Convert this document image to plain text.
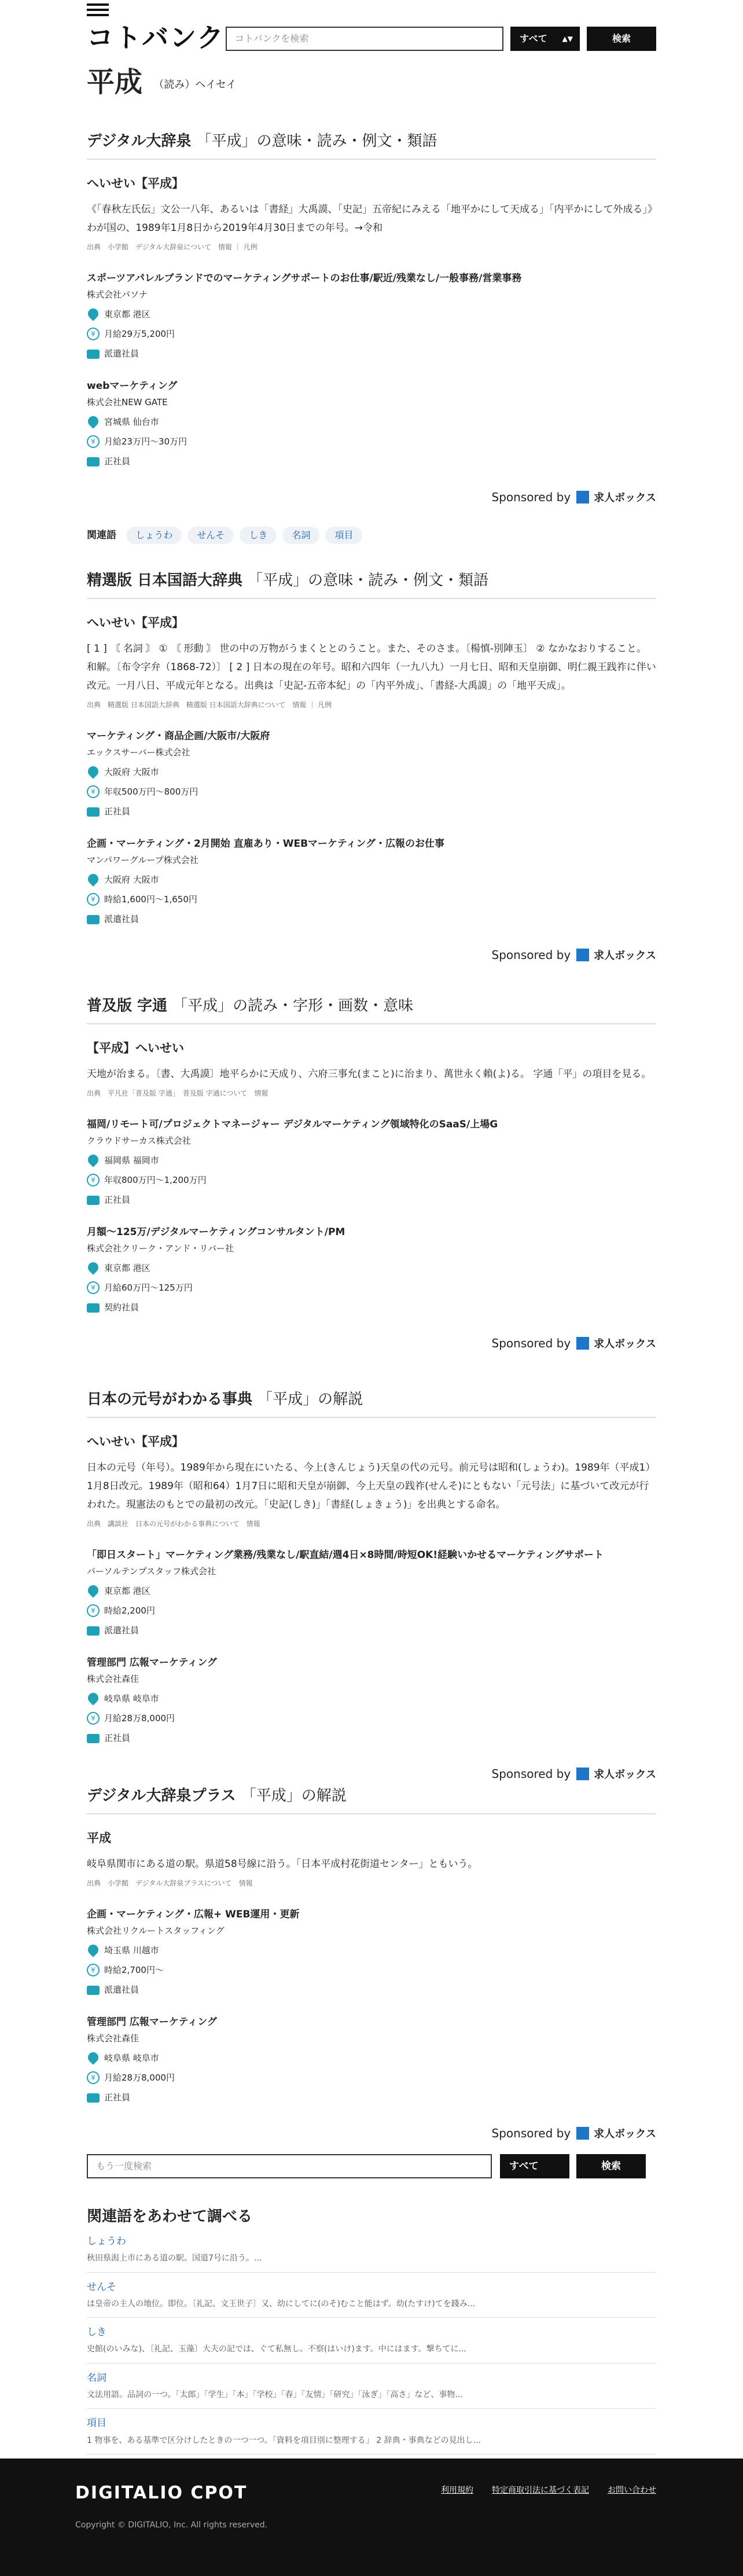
コトバンク	コトバンクを検索	すべて ▲▼	検索
平成 （読み）ヘイセイ
デジタル大辞泉 「平成」の意味・読み・例文・類語
へいせい【平成】
《「春秋左氏伝」文公一八年、あるいは「書経」大禹謨、「史記」五帝紀にみえる「地平かにして天成る」「内平かにして外成る」》わが国の、1989年1月8日から2019年4月30日までの年号。→令和
出典　小学館　デジタル大辞泉について　情報 ｜ 凡例
スポーツアパレルブランドでのマーケティングサポートのお仕事/駅近/残業なし/一般事務/営業事務
株式会社パソナ
東京都 港区
¥	月給29万5,200円
派遣社員
webマーケティング
株式会社NEW GATE
宮城県 仙台市
¥	月給23万円〜30万円
正社員
Sponsored by 求人ボックス
精選版 日本国語大辞典 「平成」の意味・読み・例文・類語
へいせい【平成】
[ 1 ] 〘 名詞 〙 ① 〘 形動 〙 世の中の万物がうまくととのうこと。また、そのさま。〔楊慎-別陣玉〕 ② なかなおりすること。和解。〔布令字弁（1868‐72）〕 [ 2 ] 日本の現在の年号。昭和六四年（一九八九）一月七日、昭和天皇崩御、明仁親王践祚に伴い改元。一月八日、平成元年となる。出典は「史記-五帝本紀」の「内平外成」、「書経-大禹謨」の「地平天成」。
出典　精選版 日本国語大辞典　精選版 日本国語大辞典について　情報 ｜ 凡例
マーケティング・商品企画/大阪市/大阪府
エックスサーバー株式会社
大阪府 大阪市
¥	年収500万円〜800万円
正社員
企画・マーケティング・2月開始 直雇あり・WEBマーケティング・広報のお仕事
マンパワーグループ株式会社
大阪府 大阪市
¥	時給1,600円〜1,650円
派遣社員
Sponsored by 求人ボックス
普及版 字通 「平成」の読み・字形・画数・意味
【平成】へいせい
天地が治まる。〔書、大禹謨〕地平らかに天成り、六府三事允(まこと)に治まり、萬世永く賴(よ)る。 字通「平」の項目を見る。
出典　平凡社「普及版 字通」　普及版 字通について　情報
福岡/リモート可/プロジェクトマネージャー デジタルマーケティング領域特化のSaaS/上場G
クラウドサーカス株式会社
福岡県 福岡市
¥	年収800万円〜1,200万円
正社員
月額〜125万/デジタルマーケティングコンサルタント/PM
株式会社クリーク・アンド・リバー社
東京都 港区
¥	月給60万円〜125万円
契約社員
Sponsored by 求人ボックス
日本の元号がわかる事典 「平成」の解説
へいせい【平成】
日本の元号（年号）。1989年から現在にいたる、今上(きんじょう)天皇の代の元号。前元号は昭和(しょうわ)。1989年（平成1）1月8日改元。1989年（昭和64）1月7日に昭和天皇が崩御、今上天皇の践祚(せんそ)にともない「元号法」に基づいて改元が行われた。現憲法のもとでの最初の改元。「史記(しき)」「書経(しょきょう)」を出典とする命名。
出典　講談社　日本の元号がわかる事典について　情報
「即日スタート」マーケティング業務/残業なし/駅直結/週4日×8時間/時短OK!経験いかせるマーケティングサポート
パーソルテンプスタッフ株式会社
東京都 港区
¥	時給2,200円
派遣社員
管理部門 広報マーケティング
株式会社森佳
岐阜県 岐阜市
¥	月給28万8,000円
正社員
Sponsored by 求人ボックス
デジタル大辞泉プラス 「平成」の解説
平成
岐阜県関市にある道の駅。県道58号線に沿う。「日本平成村花街道センター」ともいう。
出典　小学館　デジタル大辞泉プラスについて　情報
企画・マーケティング・広報+ WEB運用・更新
株式会社リクルートスタッフィング
埼玉県 川越市
¥	時給2,700円〜
派遣社員
管理部門 広報マーケティング
株式会社森佳
岐阜県 岐阜市
¥	月給28万8,000円
正社員
Sponsored by 求人ボックス
関連語 しょうわ	せんそ	しき	名詞	項目
もう一度検索	すべて	検索
関連語をあわせて調べる
しょうわ
秋田県潟上市にある道の駅。国道7号に沿う。...
せんそ
は皇帝の主人の地位。即位。〔礼記、文王世子〕又、幼にしてに(のそ)むこと能はず。幼(たすけ)てを踐み...
しき
史館(のいみな)、〔礼記、玉藻〕大夫の記では、ぐて私無し。不察(はいけ)ます。中にはます。撃ちてに...
名詞
文法用語。品詞の一つ。「太郎」「学生」「本」「学校」「春」「友情」「研究」「泳ぎ」「高さ」など、事物...
項目
1 物事を、ある基準で区分けしたときの一つ一つ。「資料を項目別に整理する」 2 辞典・事典などの見出し...
DIGITALIO CPOT	利用規約 特定商取引法に基づく表記 お問い合わせ
Copyright © DIGITALIO, Inc. All rights reserved.
